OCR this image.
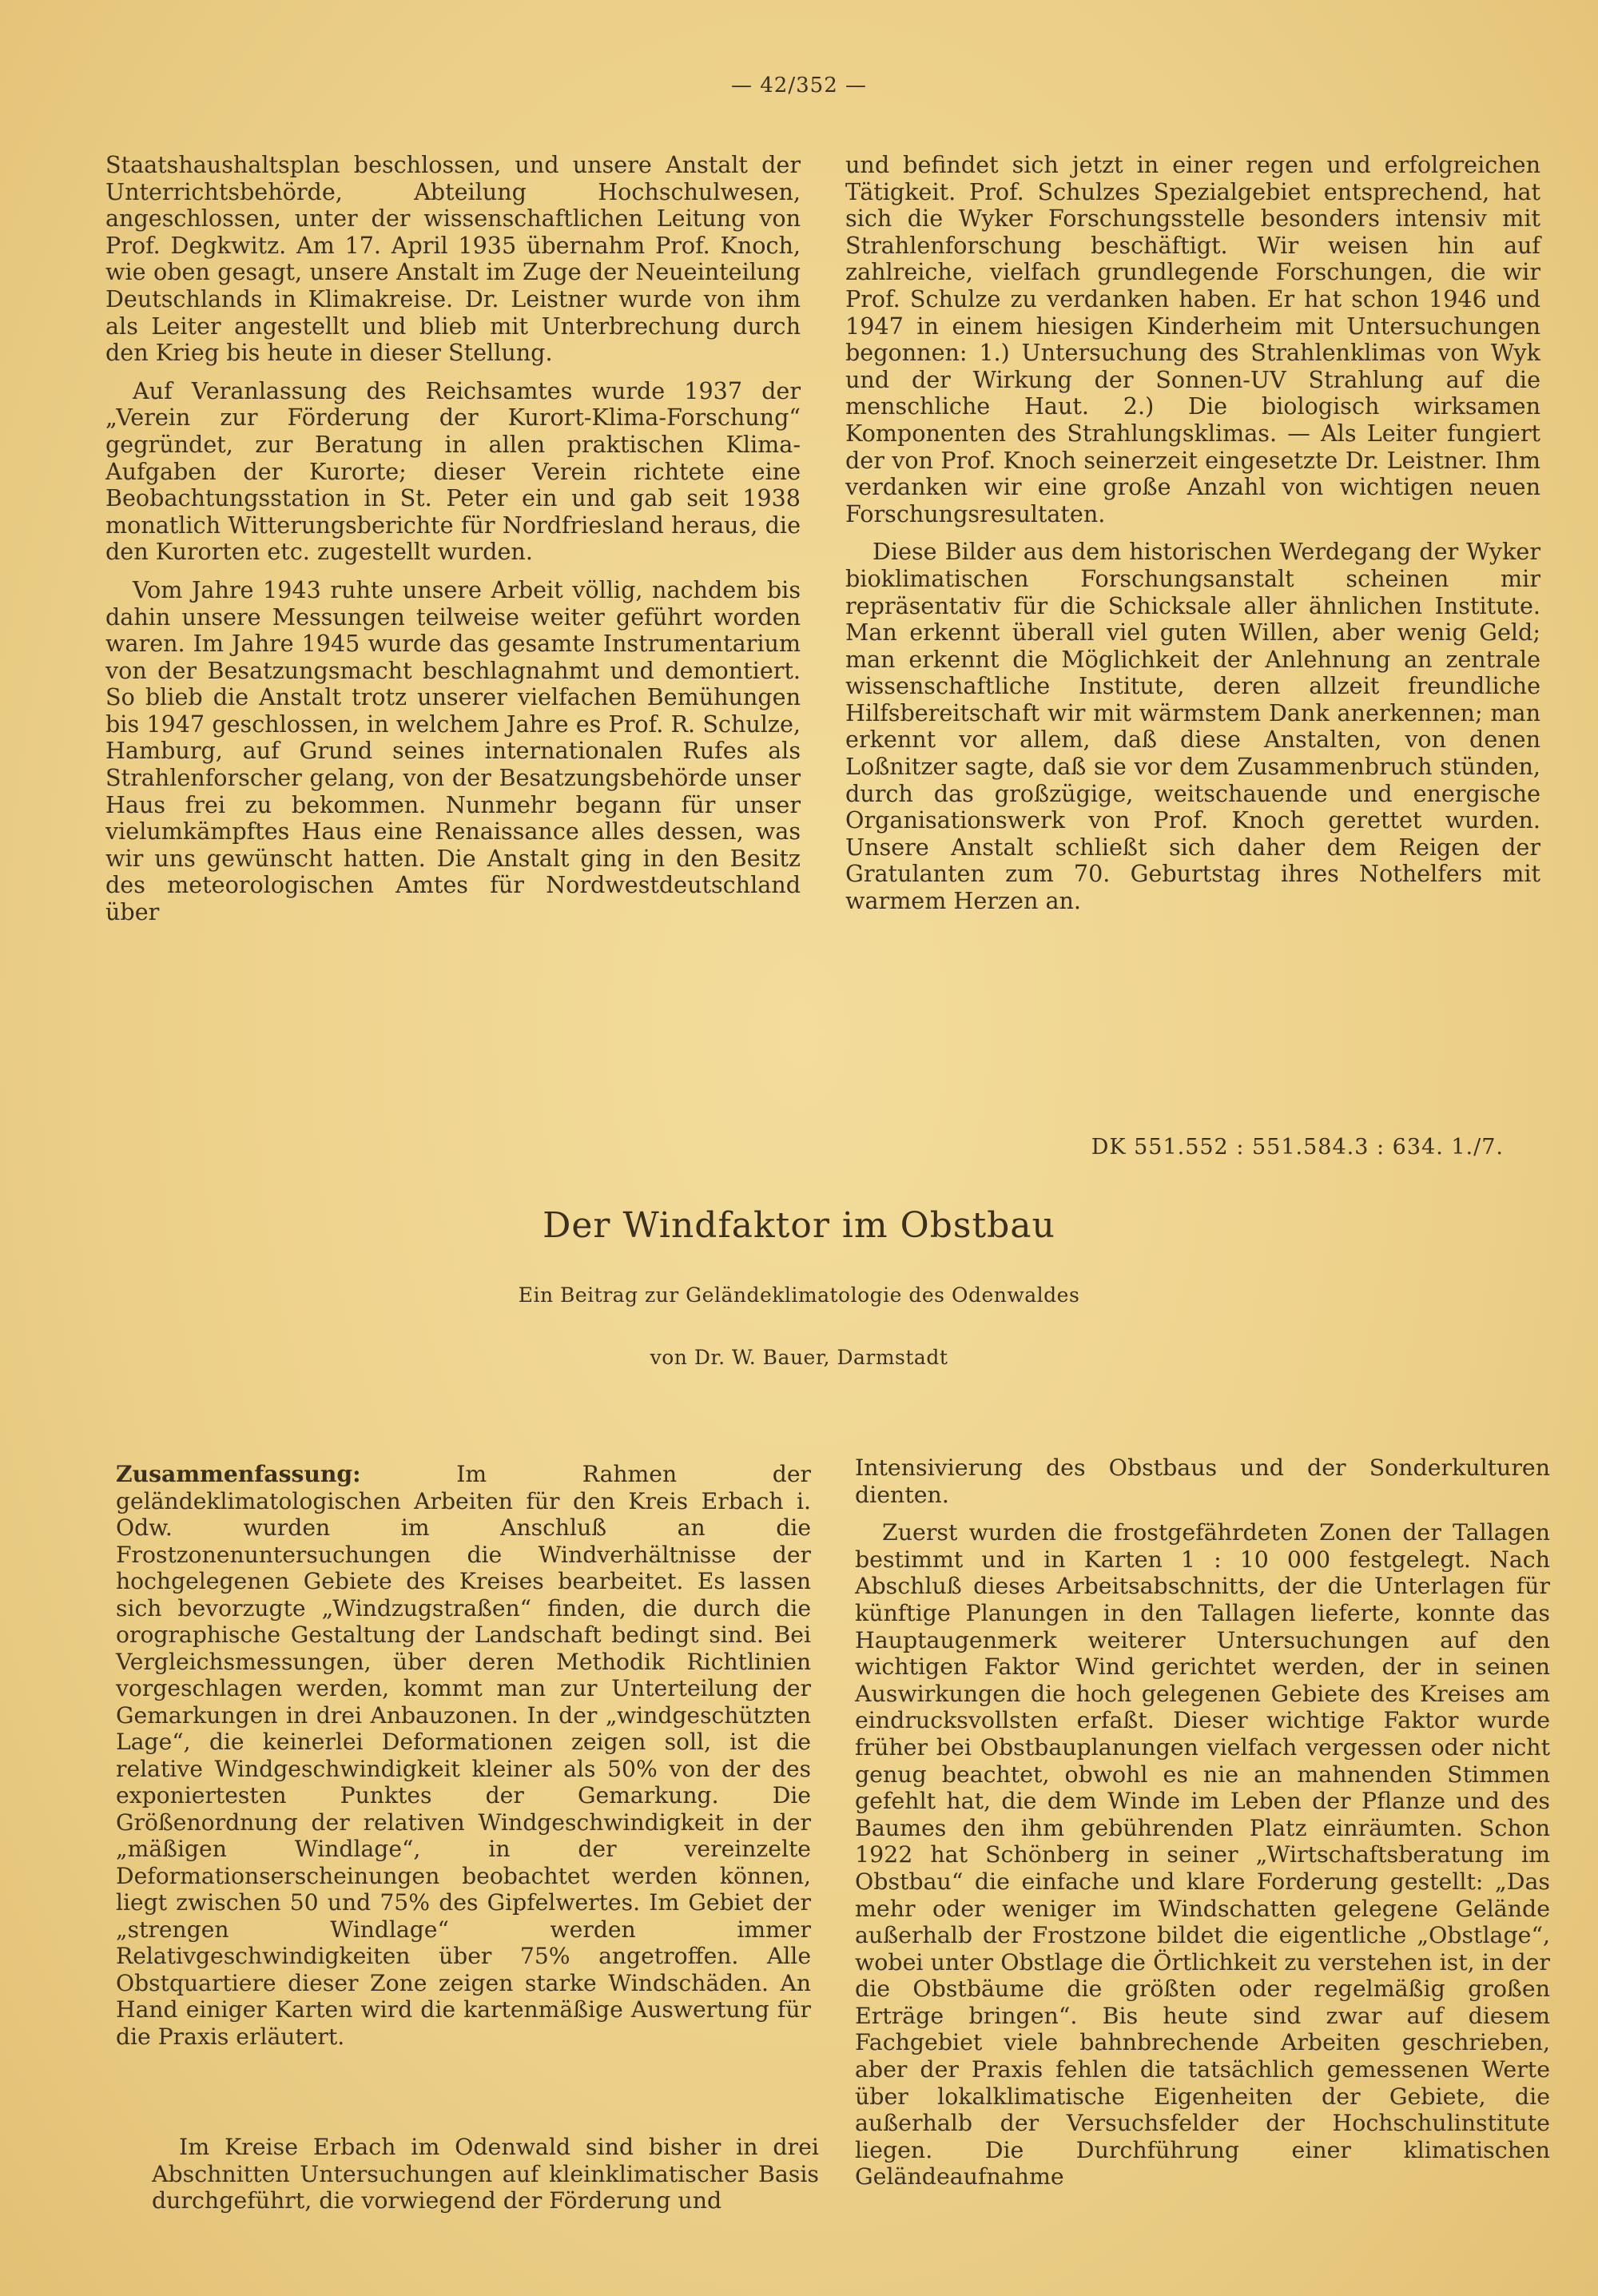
— 42/352 —

Staatshaushaltsplan beschlossen, und unsere Anstalt der Unterrichtsbehörde, Abteilung Hochschulwesen, angeschlossen, unter der wissenschaftlichen Leitung von Prof. Degkwitz. Am 17. April 1935 übernahm Prof. Knoch, wie oben gesagt, unsere Anstalt im Zuge der Neueinteilung Deutschlands in Klimakreise. Dr. Leistner wurde von ihm als Leiter angestellt und blieb mit Unterbrechung durch den Krieg bis heute in dieser Stellung.

Auf Veranlassung des Reichsamtes wurde 1937 der „Verein zur Förderung der Kurort-Klima-Forschung“ gegründet, zur Beratung in allen praktischen Klima-Aufgaben der Kurorte; dieser Verein richtete eine Beobachtungsstation in St. Peter ein und gab seit 1938 monatlich Witterungsberichte für Nordfriesland heraus, die den Kurorten etc. zugestellt wurden.

Vom Jahre 1943 ruhte unsere Arbeit völlig, nachdem bis dahin unsere Messungen teilweise weiter geführt worden waren. Im Jahre 1945 wurde das gesamte Instrumentarium von der Besatzungsmacht beschlagnahmt und demontiert. So blieb die Anstalt trotz unserer vielfachen Bemühungen bis 1947 geschlossen, in welchem Jahre es Prof. R. Schulze, Hamburg, auf Grund seines internationalen Rufes als Strahlenforscher gelang, von der Besatzungsbehörde unser Haus frei zu bekommen. Nunmehr begann für unser vielumkämpftes Haus eine Renaissance alles dessen, was wir uns gewünscht hatten. Die Anstalt ging in den Besitz des meteorologischen Amtes für Nordwestdeutschland über

und befindet sich jetzt in einer regen und erfolgreichen Tätigkeit. Prof. Schulzes Spezialgebiet entsprechend, hat sich die Wyker Forschungsstelle besonders intensiv mit Strahlenforschung beschäftigt. Wir weisen hin auf zahlreiche, vielfach grundlegende Forschungen, die wir Prof. Schulze zu verdanken haben. Er hat schon 1946 und 1947 in einem hiesigen Kinderheim mit Untersuchungen begonnen: 1.) Untersuchung des Strahlenklimas von Wyk und der Wirkung der Sonnen-UV Strahlung auf die menschliche Haut. 2.) Die biologisch wirksamen Komponenten des Strahlungsklimas. — Als Leiter fungiert der von Prof. Knoch seinerzeit eingesetzte Dr. Leistner. Ihm verdanken wir eine große Anzahl von wichtigen neuen Forschungsresultaten.

Diese Bilder aus dem historischen Werdegang der Wyker bioklimatischen Forschungsanstalt scheinen mir repräsentativ für die Schicksale aller ähnlichen Institute. Man erkennt überall viel guten Willen, aber wenig Geld; man erkennt die Möglichkeit der Anlehnung an zentrale wissenschaftliche Institute, deren allzeit freundliche Hilfsbereitschaft wir mit wärmstem Dank anerkennen; man erkennt vor allem, daß diese Anstalten, von denen Loßnitzer sagte, daß sie vor dem Zusammenbruch stünden, durch das großzügige, weitschauende und energische Organisationswerk von Prof. Knoch gerettet wurden. Unsere Anstalt schließt sich daher dem Reigen der Gratulanten zum 70. Geburtstag ihres Nothelfers mit warmem Herzen an.

DK 551.552 : 551.584.3 : 634. 1./7.
Der Windfaktor im Obstbau
Ein Beitrag zur Geländeklimatologie des Odenwaldes
von Dr. W. Bauer, Darmstadt
Zusammenfassung:	Im Rahmen der geländeklimatologischen Arbeiten für den Kreis Erbach i. Odw. wurden im Anschluß an die Frostzonenuntersuchungen die Windverhältnisse der hochgelegenen Gebiete des Kreises bearbeitet. Es lassen sich bevorzugte „Windzugstraßen“ finden, die durch die orographische Gestaltung der Landschaft bedingt sind. Bei Vergleichsmessungen, über deren Methodik Richtlinien vorgeschlagen werden, kommt man zur Unterteilung der Gemarkungen in drei Anbauzonen. In der „windgeschützten Lage“, die keinerlei Deformationen zeigen soll, ist die relative Windgeschwindigkeit kleiner als 50% von der des exponiertesten Punktes der Gemarkung. Die Größenordnung der relativen Windgeschwindigkeit in der „mäßigen Windlage“, in der vereinzelte Deformationserscheinungen beobachtet werden können, liegt zwischen 50 und 75% des Gipfelwertes. Im Gebiet der „strengen Windlage“ werden immer Relativgeschwindigkeiten über 75% angetroffen. Alle Obstquartiere dieser Zone zeigen starke Windschäden. An Hand einiger Karten wird die kartenmäßige Auswertung für die Praxis erläutert.

Im Kreise Erbach im Odenwald sind bisher in drei Abschnitten Untersuchungen auf kleinklimatischer Basis durchgeführt, die vorwiegend der Förderung und

Intensivierung des Obstbaus und der Sonderkulturen dienten.

Zuerst wurden die frostgefährdeten Zonen der Tallagen bestimmt und in Karten 1 : 10 000 festgelegt. Nach Abschluß dieses Arbeitsabschnitts, der die Unterlagen für künftige Planungen in den Tallagen lieferte, konnte das Hauptaugenmerk weiterer Untersuchungen auf den wichtigen Faktor Wind gerichtet werden, der in seinen Auswirkungen die hoch gelegenen Gebiete des Kreises am eindrucksvollsten erfaßt. Dieser wichtige Faktor wurde früher bei Obstbauplanungen vielfach vergessen oder nicht genug beachtet, obwohl es nie an mahnenden Stimmen gefehlt hat, die dem Winde im Leben der Pflanze und des Baumes den ihm gebührenden Platz einräumten. Schon 1922 hat Schönberg in seiner „Wirtschaftsberatung im Obstbau“ die einfache und klare Forderung gestellt: „Das mehr oder weniger im Windschatten gelegene Gelände außerhalb der Frostzone bildet die eigentliche „Obstlage“, wobei unter Obstlage die Örtlichkeit zu verstehen ist, in der die Obstbäume die größten oder regelmäßig großen Erträge bringen“. Bis heute sind zwar auf diesem Fachgebiet viele bahnbrechende Arbeiten geschrieben, aber der Praxis fehlen die tatsächlich gemessenen Werte über lokalklimatische Eigenheiten der Gebiete, die außerhalb der Versuchsfelder der Hochschulinstitute liegen. Die Durchführung einer klimatischen Geländeaufnahme
